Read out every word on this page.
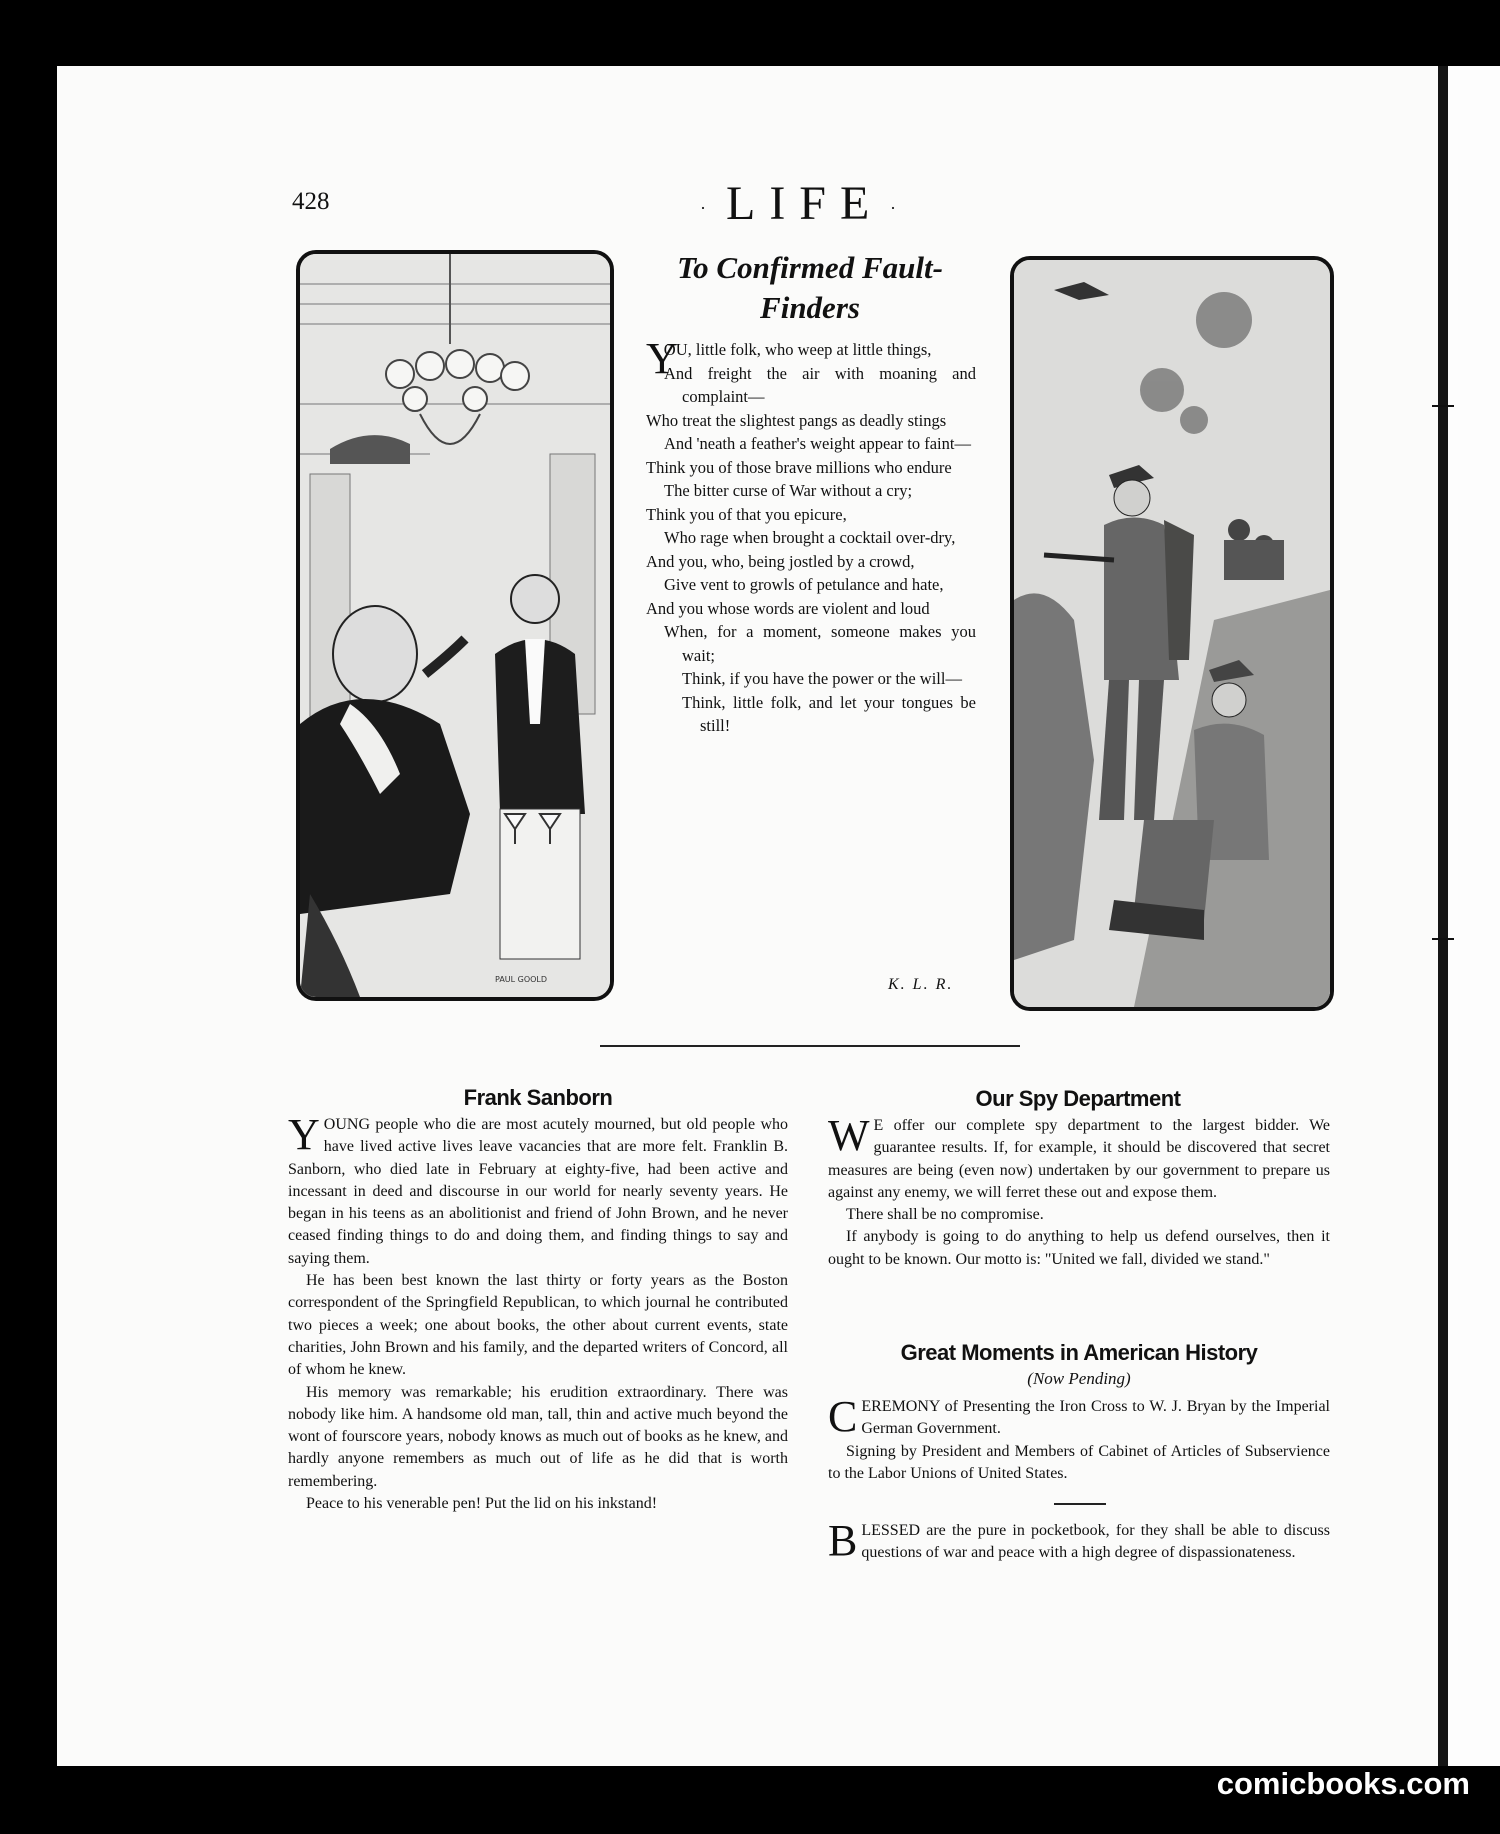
428	· LIFE ·
PAUL GOOLD
To Confirmed Fault-Finders

Y
OU, little folk, who weep at little things,

And freight the air with moaning and complaint—

Who treat the slightest pangs as deadly stings

And 'neath a feather's weight appear to faint—

Think you of those brave millions who endure

The bitter curse of War without a cry;

Think you of that you epicure,

Who rage when brought a cocktail over-dry,

And you, who, being jostled by a crowd,

Give vent to growls of petulance and hate,

And you whose words are violent and loud

When, for a moment, someone makes you wait;

Think, if you have the power or the will—

Think, little folk, and let your tongues be still!

K. L. R.
Frank Sanborn

YOUNG people who die are most acutely mourned, but old people who have lived active lives leave vacancies that are more felt. Franklin B. Sanborn, who died late in February at eighty-five, had been active and incessant in deed and discourse in our world for nearly seventy years. He began in his teens as an abolitionist and friend of John Brown, and he never ceased finding things to do and doing them, and finding things to say and saying them.

He has been best known the last thirty or forty years as the Boston correspondent of the Springfield Republican, to which journal he contributed two pieces a week; one about books, the other about current events, state charities, John Brown and his family, and the departed writers of Concord, all of whom he knew.

His memory was remarkable; his erudition extraordinary. There was nobody like him. A handsome old man, tall, thin and active much beyond the wont of fourscore years, nobody knows as much out of books as he knew, and hardly anyone remembers as much out of life as he did that is worth remembering.

Peace to his venerable pen! Put the lid on his inkstand!

Our Spy Department

W E offer our complete spy department to the largest bidder. We guarantee results. If, for example, it should be discovered that secret measures are being (even now) undertaken by our government to prepare us against any enemy, we will ferret these out and expose them.

There shall be no compromise.

If anybody is going to do anything to help us defend ourselves, then it ought to be known. Our motto is: "United we fall, divided we stand."

Great Moments in American History
(Now Pending)

CEREMONY of Presenting the Iron Cross to W. J. Bryan by the Imperial German Government.

Signing by President and Members of Cabinet of Articles of Subservience to the Labor Unions of United States.

BLESSED are the pure in pocketbook, for they shall be able to discuss questions of war and peace with a high degree of dispassionateness.

comicbooks.com
